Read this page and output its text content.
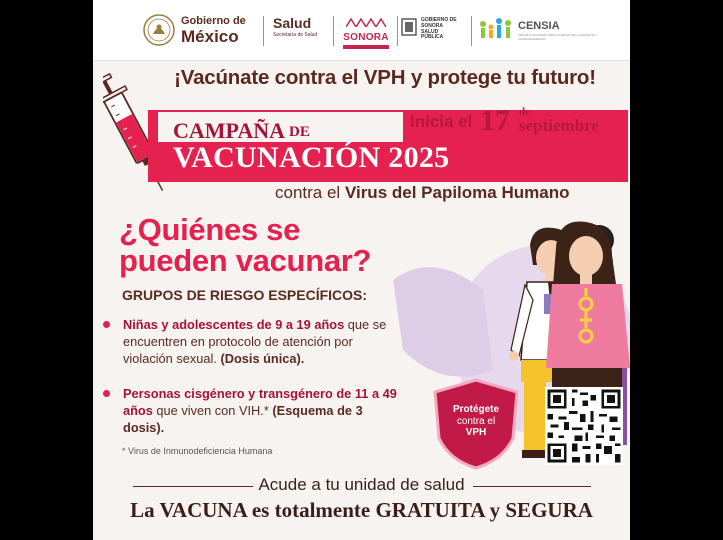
Gobierno de
México
Salud
Secretaría de Salud	SONORA
GOBIERNO DE SONORA SALUD PÚBLICA
CENSIA
CENTRO NACIONAL PARA LA SALUD DE LA INFANCIA Y LA ADOLESCENCIA
¡Vacúnate contra el VPH y protege tu futuro!
CAMPAÑA DE
VACUNACIÓN 2025
Inicia el 17 de
septiembre
contra el Virus del Papiloma Humano
¿Quiénes se
pueden vacunar?
GRUPOS DE RIESGO ESPECÍFICOS:
Niñas y adolescentes de 9 a 19 años que se encuentren en protocolo de atención por violación sexual. (Dosis única).
Personas cisgénero y transgénero de 11 a 49 años que viven con VIH.* (Esquema de 3 dosis).
* Virus de Inmunodeficiencia Humana
Protégete
contra el
VPH
Acude a tu unidad de salud
La VACUNA es totalmente GRATUITA y SEGURA
